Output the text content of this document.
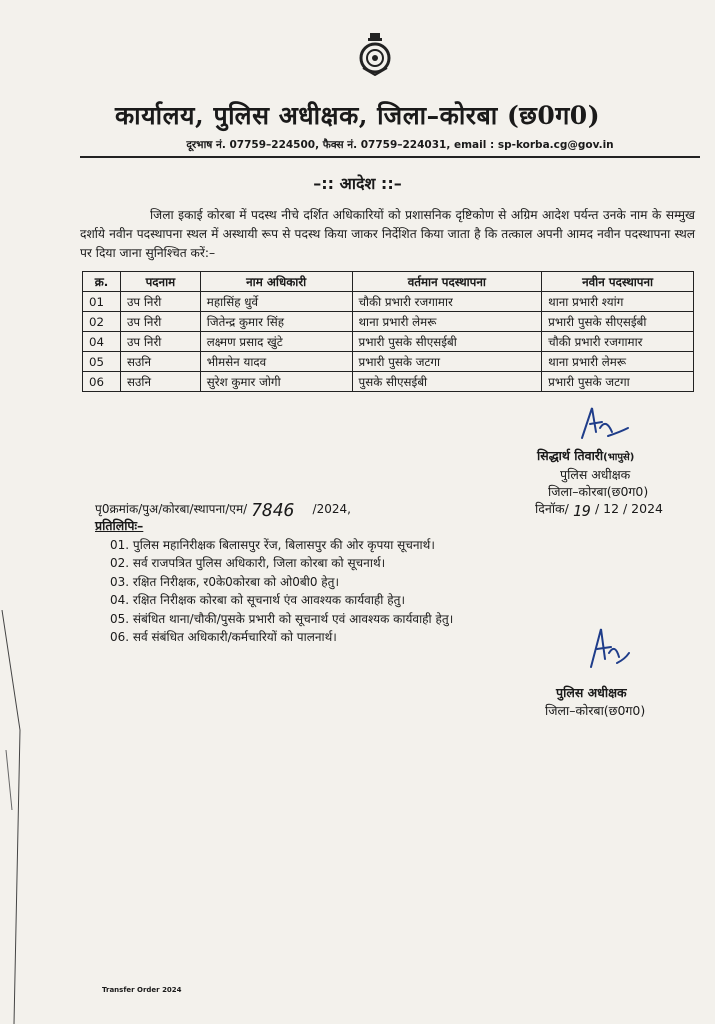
कार्यालय, पुलिस अधीक्षक, जिला–कोरबा (छ0ग0)
दूरभाष नं. 07759–224500, फैक्स नं. 07759–224031, email : sp-korba.cg@gov.in
–:: आदेश ::–
जिला इकाई कोरबा में पदस्थ नीचे दर्शित अधिकारियों को प्रशासनिक दृष्टिकोण से अग्रिम आदेश पर्यन्त उनके नाम के सम्मुख दर्शाये नवीन पदस्थापना स्थल में अस्थायी रूप से पदस्थ किया जाकर निर्देशित किया जाता है कि तत्काल अपनी आमद नवीन पदस्थापना स्थल पर दिया जाना सुनिश्चित करें:–
क्र.	पदनाम	नाम अधिकारी	वर्तमान पदस्थापना	नवीन पदस्थापना
01	उप निरी	महासिंह धुर्वे	चौकी प्रभारी रजगामार	थाना प्रभारी श्यांग
02	उप निरी	जितेन्द्र कुमार सिंह	थाना प्रभारी लेमरू	प्रभारी पुसके सीएसईबी
04	उप निरी	लक्ष्मण प्रसाद खुंटे	प्रभारी पुसके सीएसईबी	चौकी प्रभारी रजगामार
05	सउनि	भीमसेन यादव	प्रभारी पुसके जटगा	थाना प्रभारी लेमरू
06	सउनि	सुरेश कुमार जोगी	पुसके सीएसईबी	प्रभारी पुसके जटगा
सिद्धार्थ तिवारी(भापुसे)
पुलिस अधीक्षक
जिला–कोरबा(छ0ग0)
पृ0क्रमांक/पुअ/कोरबा/स्थापना/एम/ 7846 /2024,	दिनॉक/ 19 / 12 / 2024
प्रतिलिपिः–
01. पुलिस महानिरीक्षक बिलासपुर रेंज, बिलासपुर की ओर कृपया सूचनार्थ।
02. सर्व राजपत्रित पुलिस अधिकारी, जिला कोरबा को सूचनार्थ।
03. रक्षित निरीक्षक, र0के0कोरबा को ओ0बी0 हेतु।
04. रक्षित निरीक्षक कोरबा को सूचनार्थ एंव आवश्यक कार्यवाही हेतु।
05. संबंधित थाना/चौकी/पुसके प्रभारी को सूचनार्थ एवं आवश्यक कार्यवाही हेतु।
06. सर्व संबंधित अधिकारी/कर्मचारियों को पालनार्थ।
पुलिस अधीक्षक
जिला–कोरबा(छ0ग0)
Transfer Order 2024
